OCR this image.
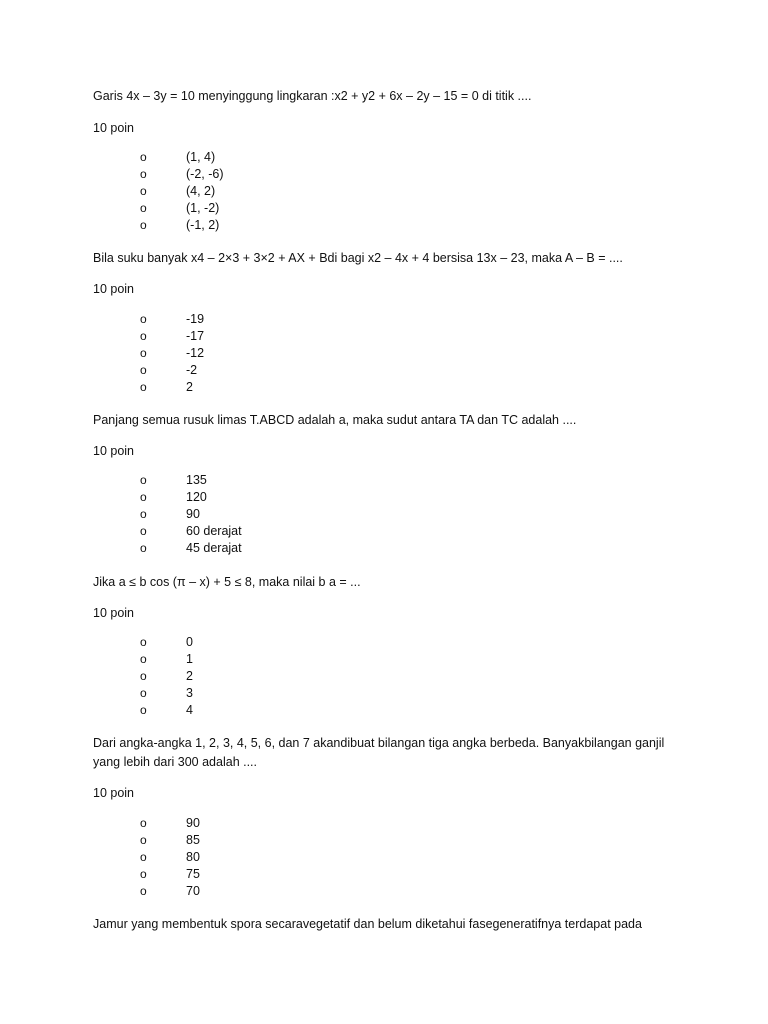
Garis 4x – 3y = 10 menyinggung lingkaran :x2 + y2 + 6x – 2y – 15 = 0 di titik ....
10 poin
o	(1, 4)
o	(-2, -6)
o	(4, 2)
o	(1, -2)
o	(-1, 2)
Bila suku banyak x4 – 2×3 + 3×2 + AX + Bdi bagi x2 – 4x + 4 bersisa 13x – 23, maka A – B = ....
10 poin
o	-19
o	-17
o	-12
o	-2
o	2
Panjang semua rusuk limas T.ABCD adalah a, maka sudut antara TA dan TC adalah ....
10 poin
o	135
o	120
o	90
o	60 derajat
o	45 derajat
Jika a ≤ b cos (π – x) + 5 ≤ 8, maka nilai b a = ...
10 poin
o	0
o	1
o	2
o	3
o	4
Dari angka-angka 1, 2, 3, 4, 5, 6, dan 7 akandibuat bilangan tiga angka berbeda. Banyakbilangan ganjil yang lebih dari 300 adalah ....
10 poin
o	90
o	85
o	80
o	75
o	70
Jamur yang membentuk spora secaravegetatif dan belum diketahui fasegeneratifnya terdapat pada
